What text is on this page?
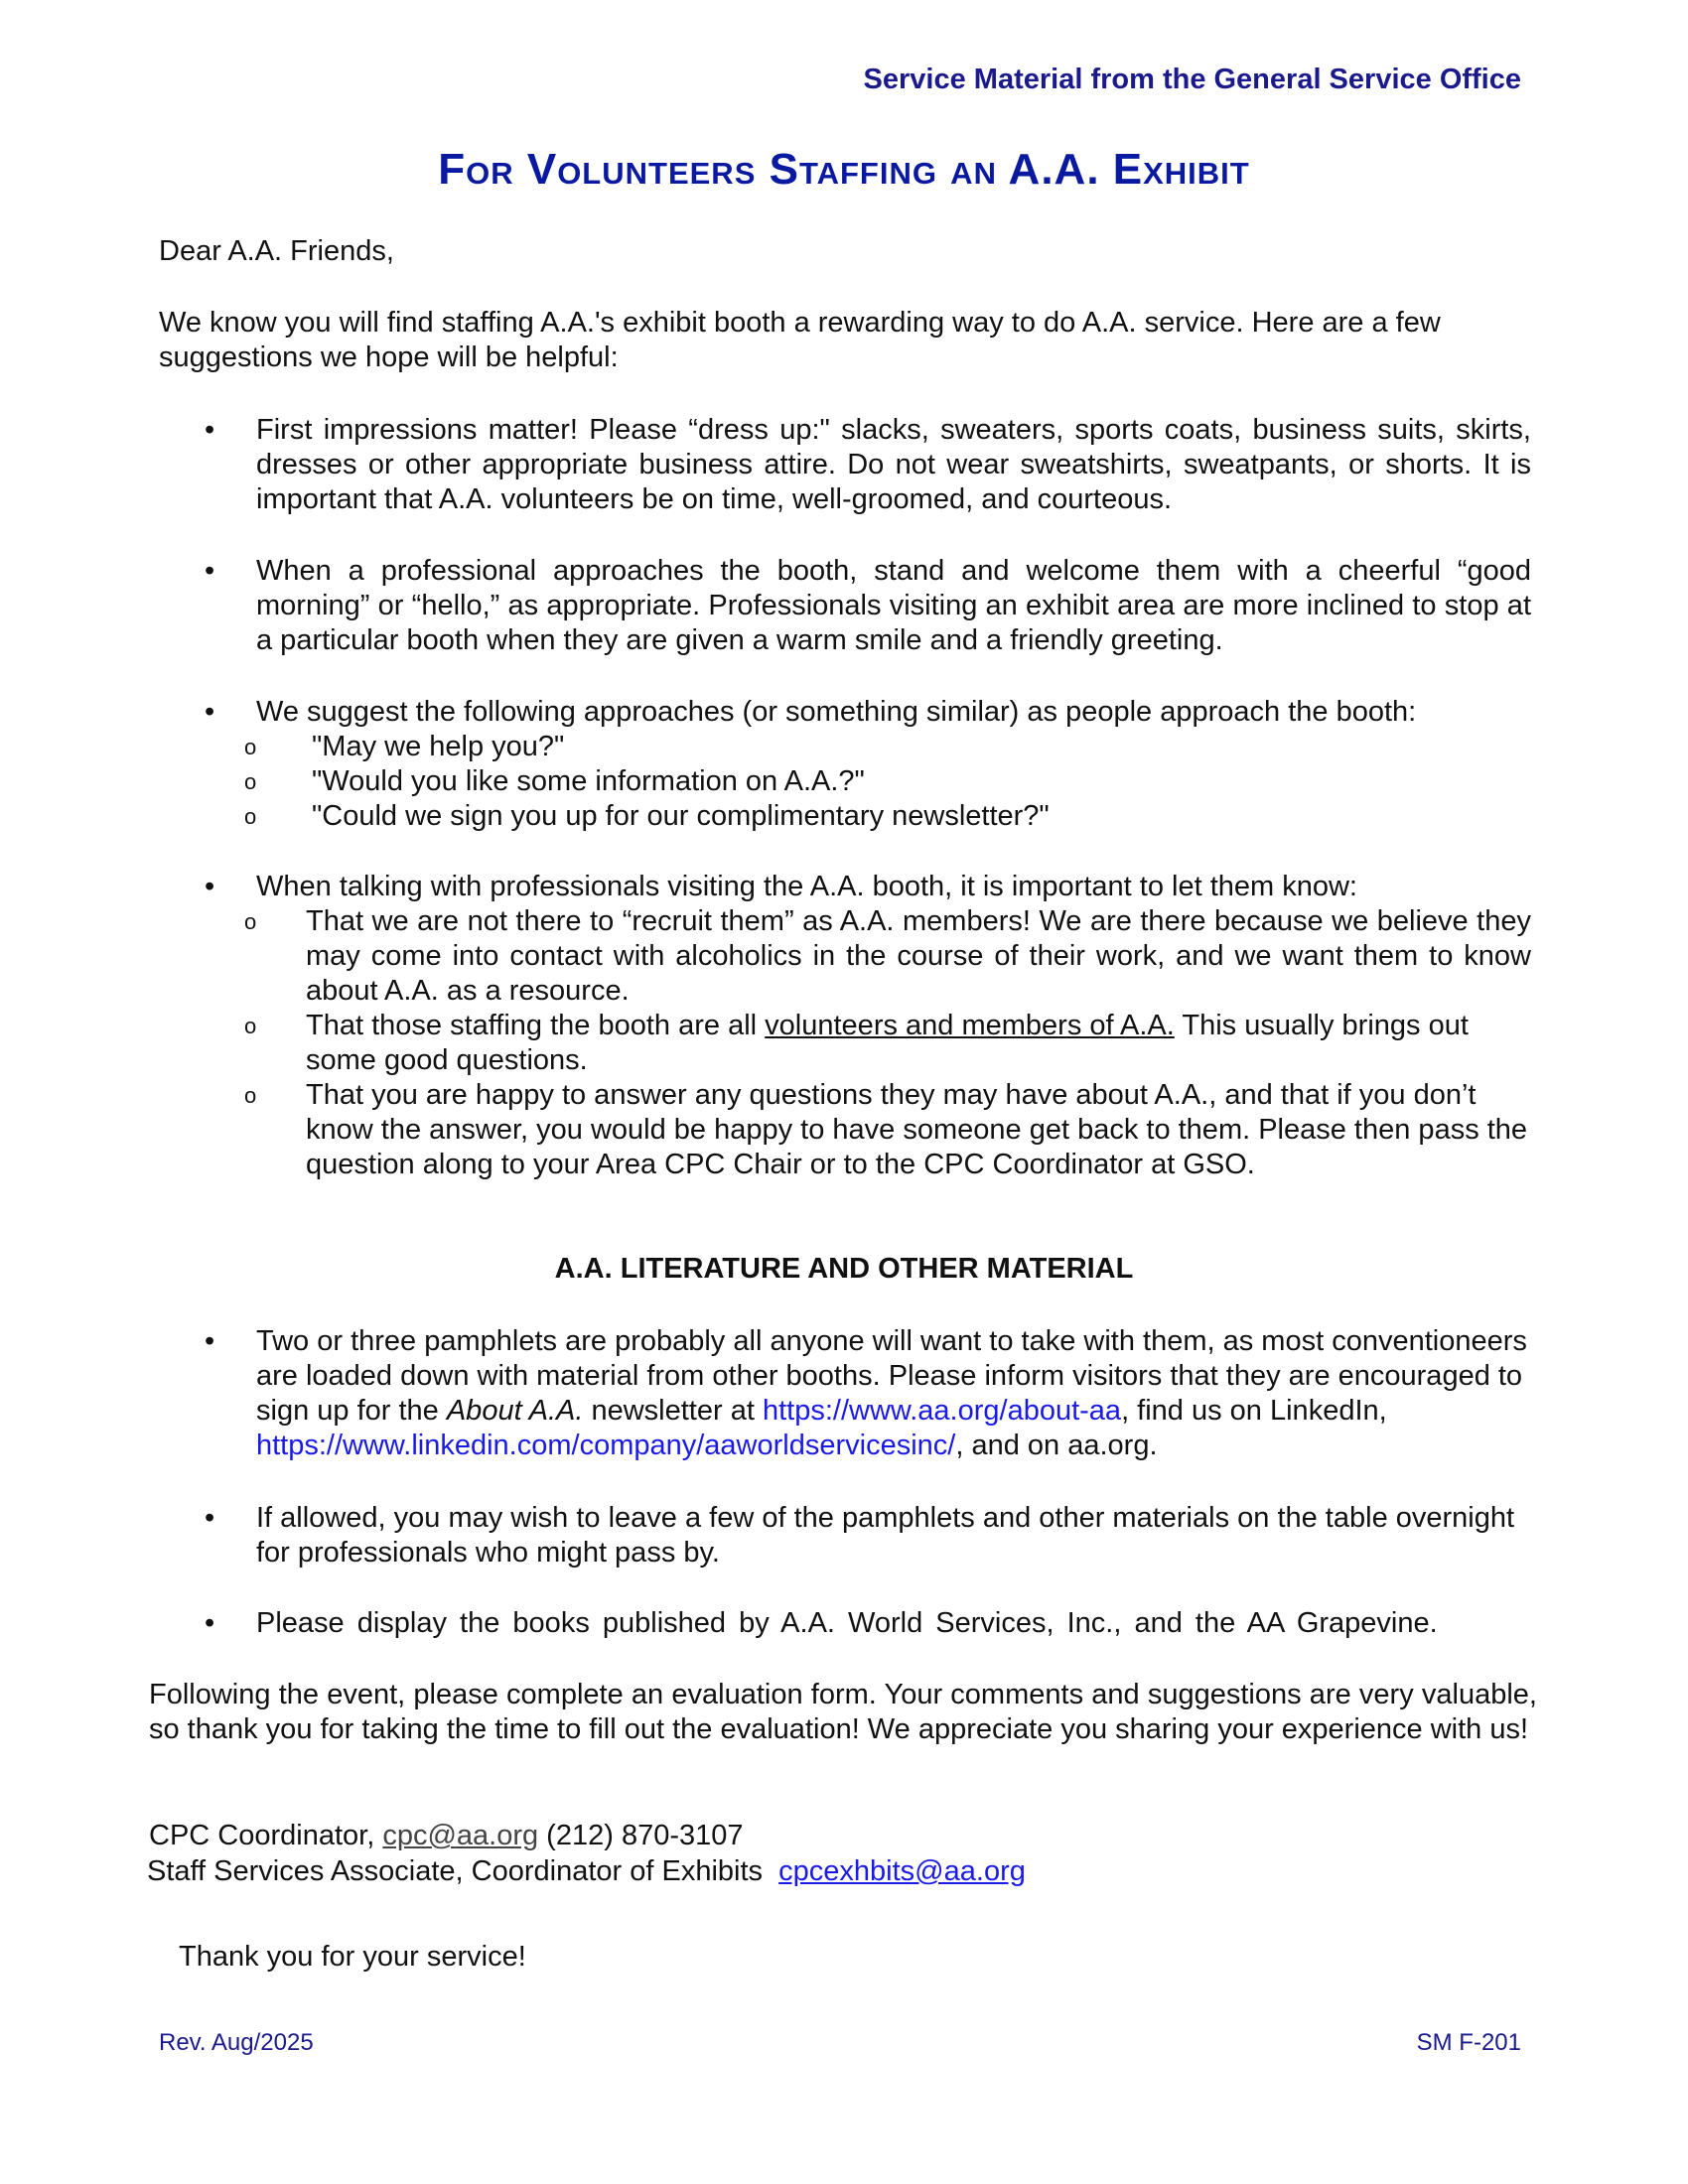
Service Material from the General Service Office
For Volunteers Staffing an A.A. Exhibit
Dear A.A. Friends,
We know you will find staffing A.A.'s exhibit booth a rewarding way to do A.A. service. Here are a few suggestions we hope will be helpful:
• First impressions matter! Please “dress up:" slacks, sweaters, sports coats, business suits, skirts, dresses or other appropriate business attire. Do not wear sweatshirts, sweatpants, or shorts. It is important that A.A. volunteers be on time, well-groomed, and courteous.
• When a professional approaches the booth, stand and welcome them with a cheerful “good morning” or “hello,” as appropriate. Professionals visiting an exhibit area are more inclined to stop at a particular booth when they are given a warm smile and a friendly greeting.
• We suggest the following approaches (or something similar) as people approach the booth:
o "May we help you?"
o "Would you like some information on A.A.?"
o "Could we sign you up for our complimentary newsletter?"
• When talking with professionals visiting the A.A. booth, it is important to let them know:
o That we are not there to “recruit them” as A.A. members! We are there because we believe they may come into contact with alcoholics in the course of their work, and we want them to know about A.A. as a resource.
o That those staffing the booth are all volunteers and members of A.A. This usually brings out some good questions.
o That you are happy to answer any questions they may have about A.A., and that if you don’t know the answer, you would be happy to have someone get back to them. Please then pass the question along to your Area CPC Chair or to the CPC Coordinator at GSO.
A.A. LITERATURE AND OTHER MATERIAL
• Two or three pamphlets are probably all anyone will want to take with them, as most conventioneers are loaded down with material from other booths. Please inform visitors that they are encouraged to sign up for the About A.A. newsletter at https://www.aa.org/about-aa, find us on LinkedIn, https://www.linkedin.com/company/aaworldservicesinc/, and on aa.org.
• If allowed, you may wish to leave a few of the pamphlets and other materials on the table overnight for professionals who might pass by.
• Please display the books published by A.A. World Services, Inc., and the AA Grapevine.
Following the event, please complete an evaluation form. Your comments and suggestions are very valuable, so thank you for taking the time to fill out the evaluation! We appreciate you sharing your experience with us!
CPC Coordinator, cpc@aa.org (212) 870-3107
Staff Services Associate, Coordinator of Exhibits cpcexhbits@aa.org
Thank you for your service!
Rev. Aug/2025	SM F-201
